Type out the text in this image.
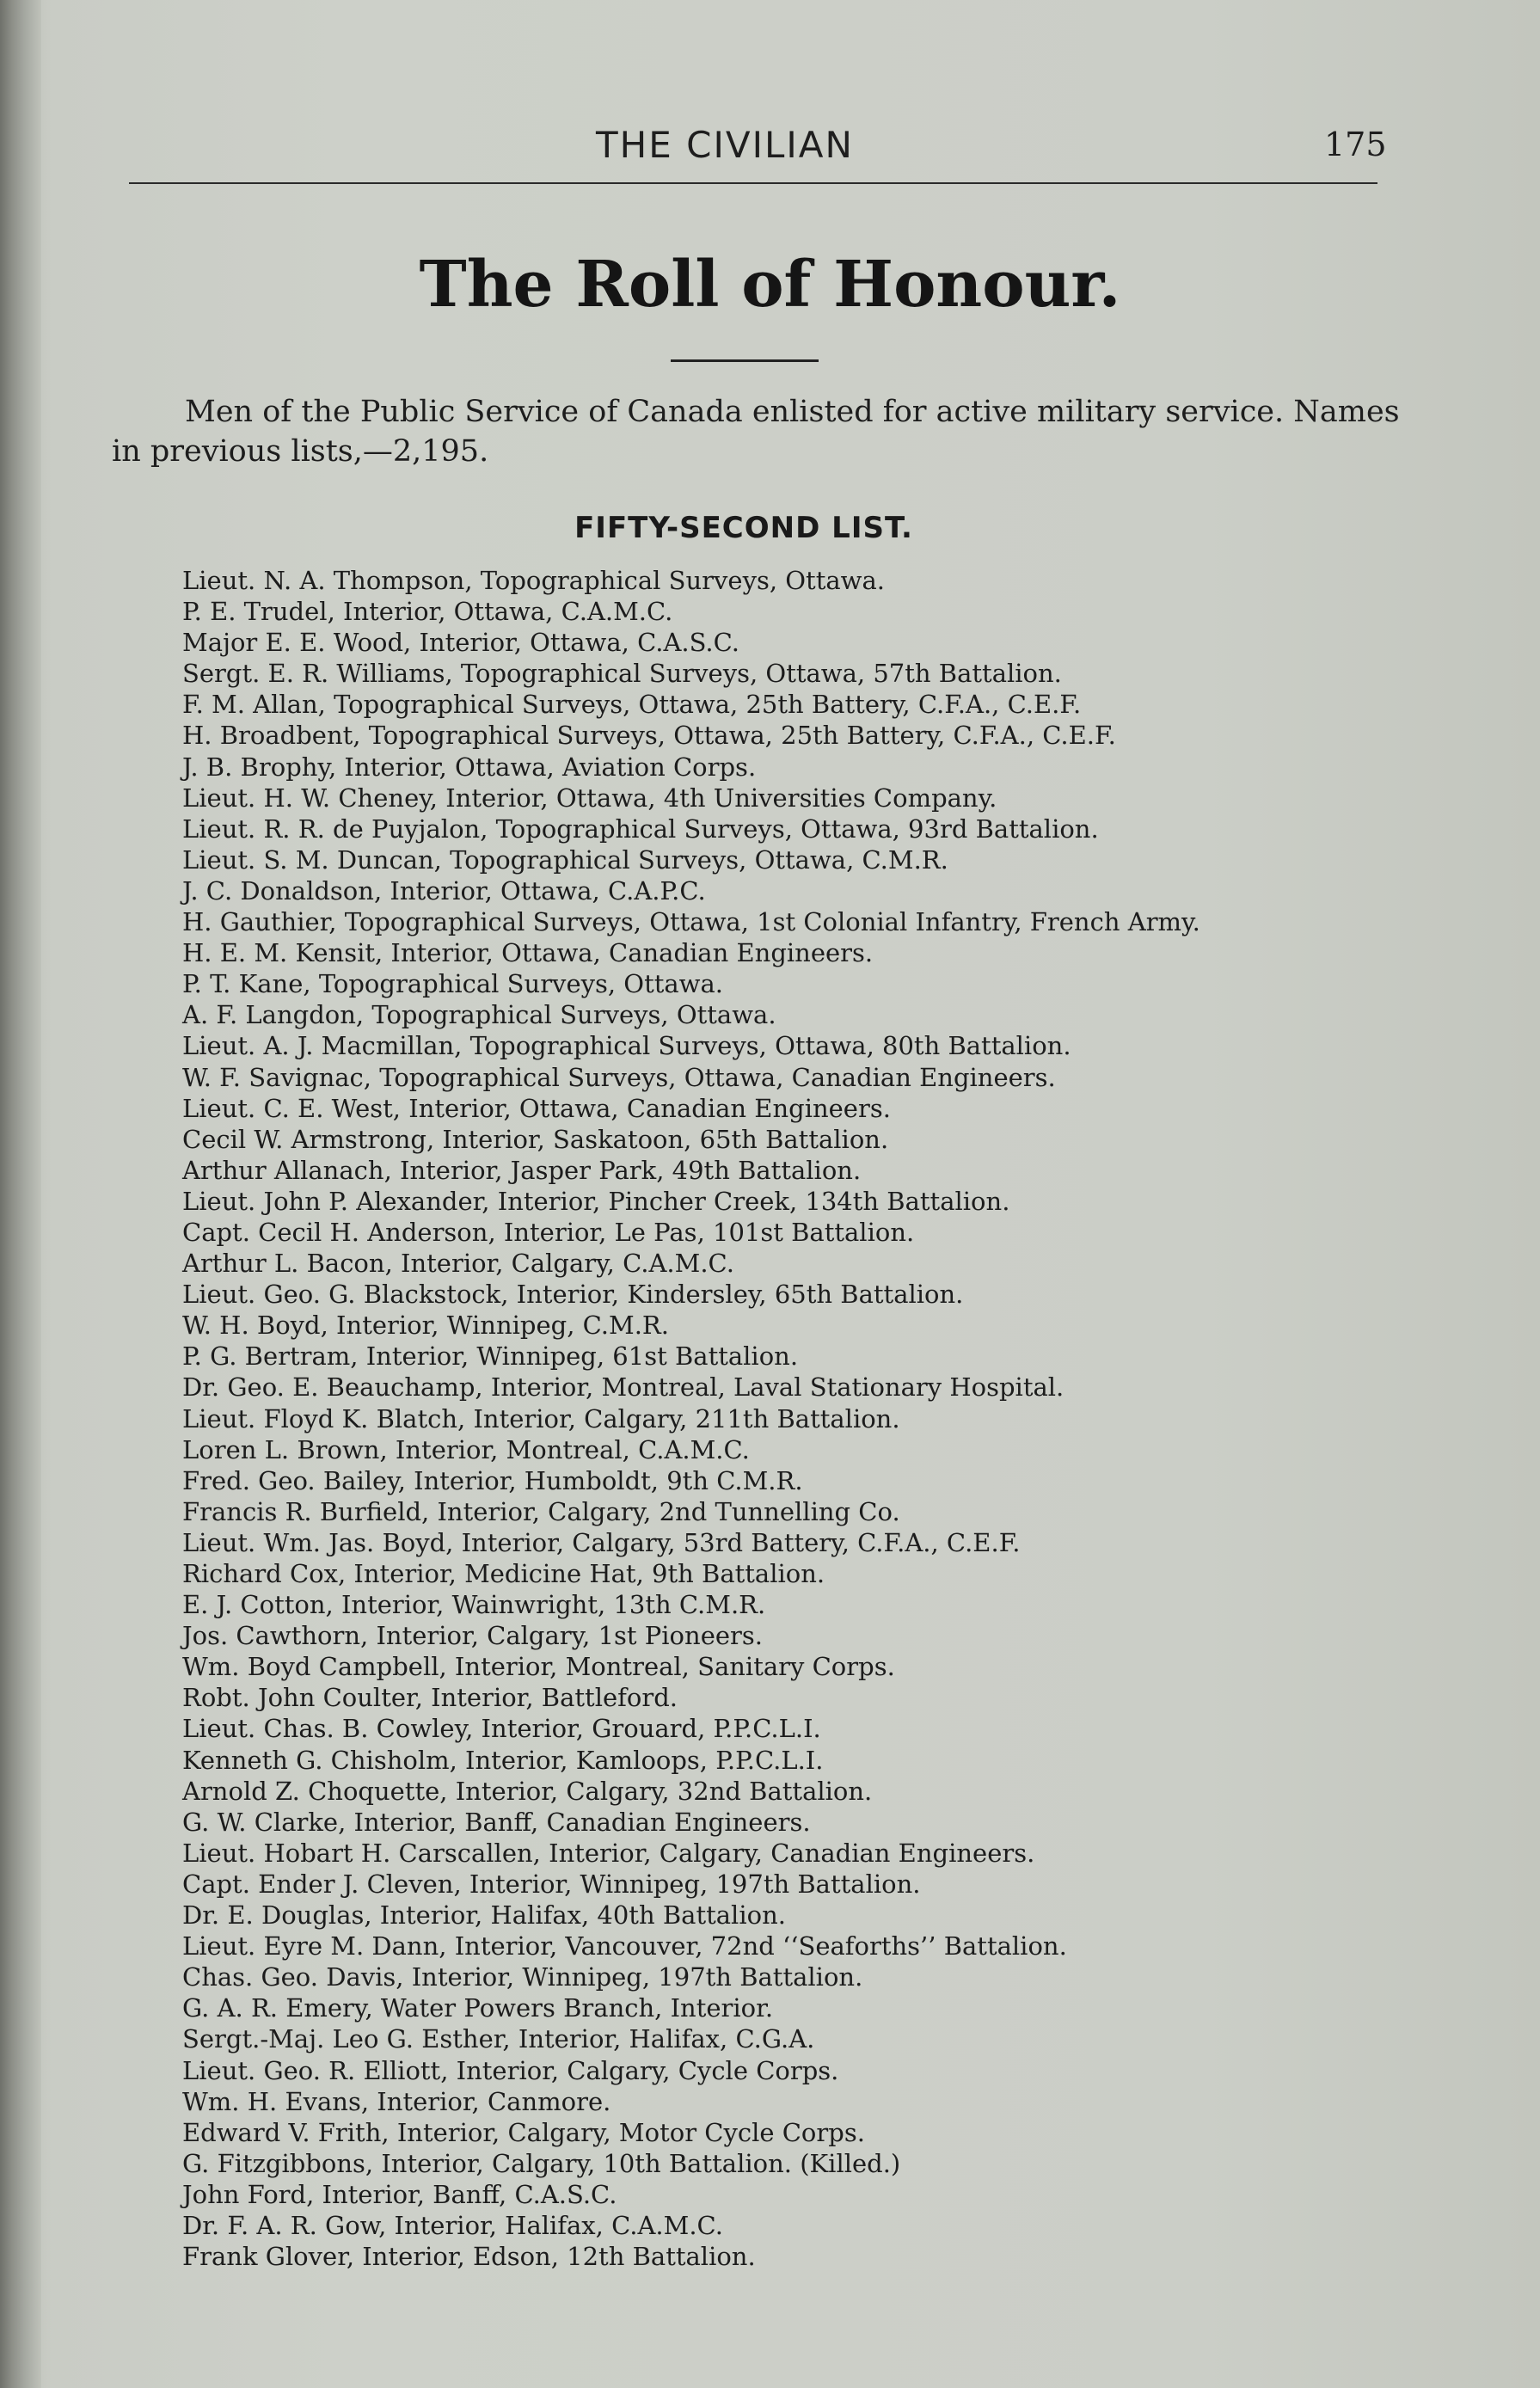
THE CIVILIAN	175
The Roll of Honour.

Men of the Public Service of Canada enlisted for active military service. Names in previous lists,—2,195.

FIFTY-SECOND LIST.
Lieut. N. A. Thompson, Topographical Surveys, Ottawa.
P. E. Trudel, Interior, Ottawa, C.A.M.C.
Major E. E. Wood, Interior, Ottawa, C.A.S.C.
Sergt. E. R. Williams, Topographical Surveys, Ottawa, 57th Battalion.
F. M. Allan, Topographical Surveys, Ottawa, 25th Battery, C.F.A., C.E.F.
H. Broadbent, Topographical Surveys, Ottawa, 25th Battery, C.F.A., C.E.F.
J. B. Brophy, Interior, Ottawa, Aviation Corps.
Lieut. H. W. Cheney, Interior, Ottawa, 4th Universities Company.
Lieut. R. R. de Puyjalon, Topographical Surveys, Ottawa, 93rd Battalion.
Lieut. S. M. Duncan, Topographical Surveys, Ottawa, C.M.R.
J. C. Donaldson, Interior, Ottawa, C.A.P.C.
H. Gauthier, Topographical Surveys, Ottawa, 1st Colonial Infantry, French Army.
H. E. M. Kensit, Interior, Ottawa, Canadian Engineers.
P. T. Kane, Topographical Surveys, Ottawa.
A. F. Langdon, Topographical Surveys, Ottawa.
Lieut. A. J. Macmillan, Topographical Surveys, Ottawa, 80th Battalion.
W. F. Savignac, Topographical Surveys, Ottawa, Canadian Engineers.
Lieut. C. E. West, Interior, Ottawa, Canadian Engineers.
Cecil W. Armstrong, Interior, Saskatoon, 65th Battalion.
Arthur Allanach, Interior, Jasper Park, 49th Battalion.
Lieut. John P. Alexander, Interior, Pincher Creek, 134th Battalion.
Capt. Cecil H. Anderson, Interior, Le Pas, 101st Battalion.
Arthur L. Bacon, Interior, Calgary, C.A.M.C.
Lieut. Geo. G. Blackstock, Interior, Kindersley, 65th Battalion.
W. H. Boyd, Interior, Winnipeg, C.M.R.
P. G. Bertram, Interior, Winnipeg, 61st Battalion.
Dr. Geo. E. Beauchamp, Interior, Montreal, Laval Stationary Hospital.
Lieut. Floyd K. Blatch, Interior, Calgary, 211th Battalion.
Loren L. Brown, Interior, Montreal, C.A.M.C.
Fred. Geo. Bailey, Interior, Humboldt, 9th C.M.R.
Francis R. Burfield, Interior, Calgary, 2nd Tunnelling Co.
Lieut. Wm. Jas. Boyd, Interior, Calgary, 53rd Battery, C.F.A., C.E.F.
Richard Cox, Interior, Medicine Hat, 9th Battalion.
E. J. Cotton, Interior, Wainwright, 13th C.M.R.
Jos. Cawthorn, Interior, Calgary, 1st Pioneers.
Wm. Boyd Campbell, Interior, Montreal, Sanitary Corps.
Robt. John Coulter, Interior, Battleford.
Lieut. Chas. B. Cowley, Interior, Grouard, P.P.C.L.I.
Kenneth G. Chisholm, Interior, Kamloops, P.P.C.L.I.
Arnold Z. Choquette, Interior, Calgary, 32nd Battalion.
G. W. Clarke, Interior, Banff, Canadian Engineers.
Lieut. Hobart H. Carscallen, Interior, Calgary, Canadian Engineers.
Capt. Ender J. Cleven, Interior, Winnipeg, 197th Battalion.
Dr. E. Douglas, Interior, Halifax, 40th Battalion.
Lieut. Eyre M. Dann, Interior, Vancouver, 72nd ‘‘Seaforths’’ Battalion.
Chas. Geo. Davis, Interior, Winnipeg, 197th Battalion.
G. A. R. Emery, Water Powers Branch, Interior.
Sergt.-Maj. Leo G. Esther, Interior, Halifax, C.G.A.
Lieut. Geo. R. Elliott, Interior, Calgary, Cycle Corps.
Wm. H. Evans, Interior, Canmore.
Edward V. Frith, Interior, Calgary, Motor Cycle Corps.
G. Fitzgibbons, Interior, Calgary, 10th Battalion. (Killed.)
John Ford, Interior, Banff, C.A.S.C.
Dr. F. A. R. Gow, Interior, Halifax, C.A.M.C.
Frank Glover, Interior, Edson, 12th Battalion.
